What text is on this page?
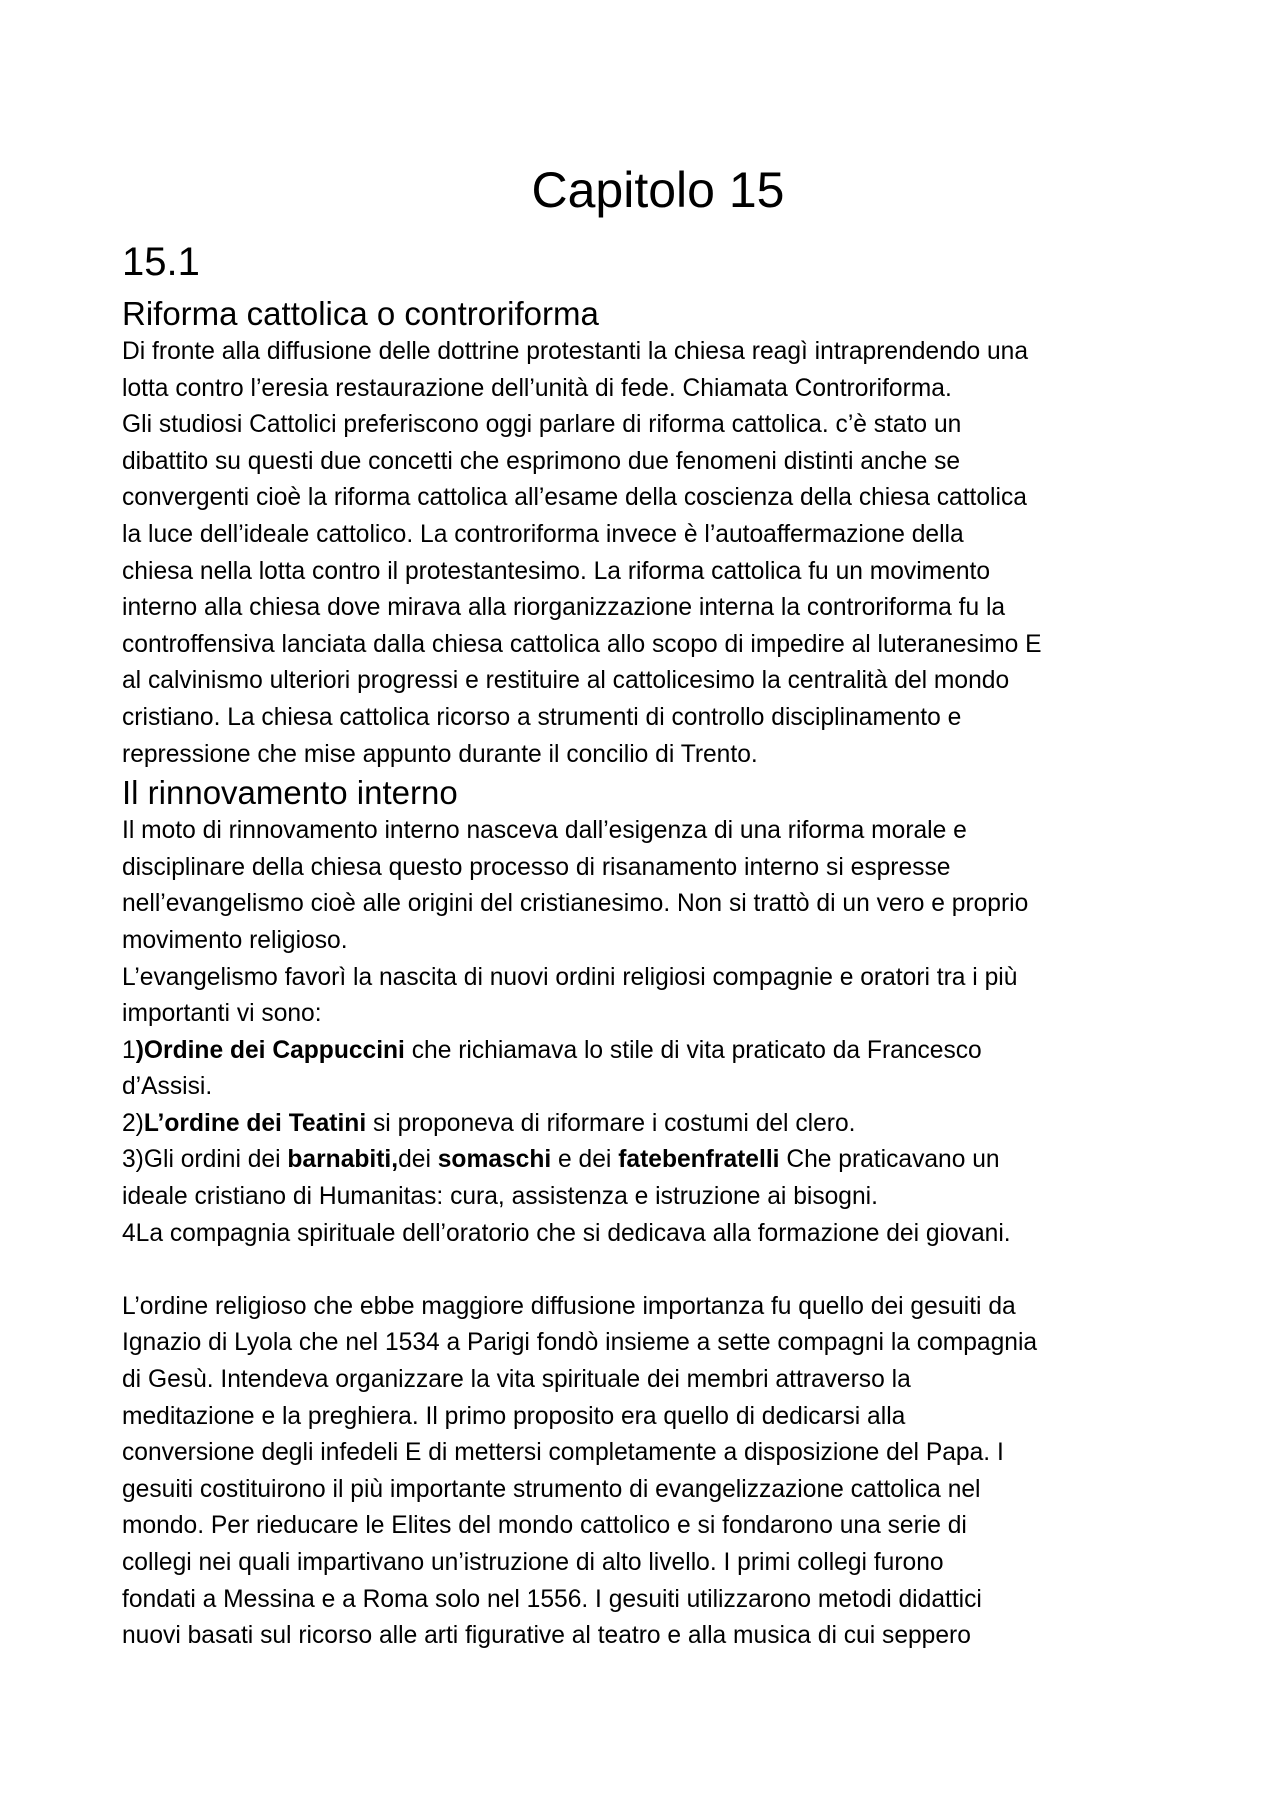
Capitolo 15
15.1
Riforma cattolica o controriforma
Di fronte alla diffusione delle dottrine protestanti la chiesa reagì intraprendendo una
lotta contro l’eresia restaurazione dell’unità di fede. Chiamata Controriforma.
Gli studiosi Cattolici preferiscono oggi parlare di riforma cattolica. c’è stato un
dibattito su questi due concetti che esprimono due fenomeni distinti anche se
convergenti cioè la riforma cattolica all’esame della coscienza della chiesa cattolica
la luce dell’ideale cattolico. La controriforma invece è l’autoaffermazione della
chiesa nella lotta contro il protestantesimo. La riforma cattolica fu un movimento
interno alla chiesa dove mirava alla riorganizzazione interna la controriforma fu la
controffensiva lanciata dalla chiesa cattolica allo scopo di impedire al luteranesimo E
al calvinismo ulteriori progressi e restituire al cattolicesimo la centralità del mondo
cristiano. La chiesa cattolica ricorso a strumenti di controllo disciplinamento e
repressione che mise appunto durante il concilio di Trento.
Il rinnovamento interno
Il moto di rinnovamento interno nasceva dall’esigenza di una riforma morale e
disciplinare della chiesa questo processo di risanamento interno si espresse
nell’evangelismo cioè alle origini del cristianesimo. Non si trattò di un vero e proprio
movimento religioso.
L’evangelismo favorì la nascita di nuovi ordini religiosi compagnie e oratori tra i più
importanti vi sono:
1)Ordine dei Cappuccini che richiamava lo stile di vita praticato da Francesco
d’Assisi.
2)L’ordine dei Teatini si proponeva di riformare i costumi del clero.
3)Gli ordini dei barnabiti,dei somaschi e dei fatebenfratelli Che praticavano un
ideale cristiano di Humanitas: cura, assistenza e istruzione ai bisogni.
4La compagnia spirituale dell’oratorio che si dedicava alla formazione dei giovani.
L’ordine religioso che ebbe maggiore diffusione importanza fu quello dei gesuiti da
Ignazio di Lyola che nel 1534 a Parigi fondò insieme a sette compagni la compagnia
di Gesù. Intendeva organizzare la vita spirituale dei membri attraverso la
meditazione e la preghiera. Il primo proposito era quello di dedicarsi alla
conversione degli infedeli E di mettersi completamente a disposizione del Papa. I
gesuiti costituirono il più importante strumento di evangelizzazione cattolica nel
mondo. Per rieducare le Elites del mondo cattolico e si fondarono una serie di
collegi nei quali impartivano un’istruzione di alto livello. I primi collegi furono
fondati a Messina e a Roma solo nel 1556. I gesuiti utilizzarono metodi didattici
nuovi basati sul ricorso alle arti figurative al teatro e alla musica di cui seppero
